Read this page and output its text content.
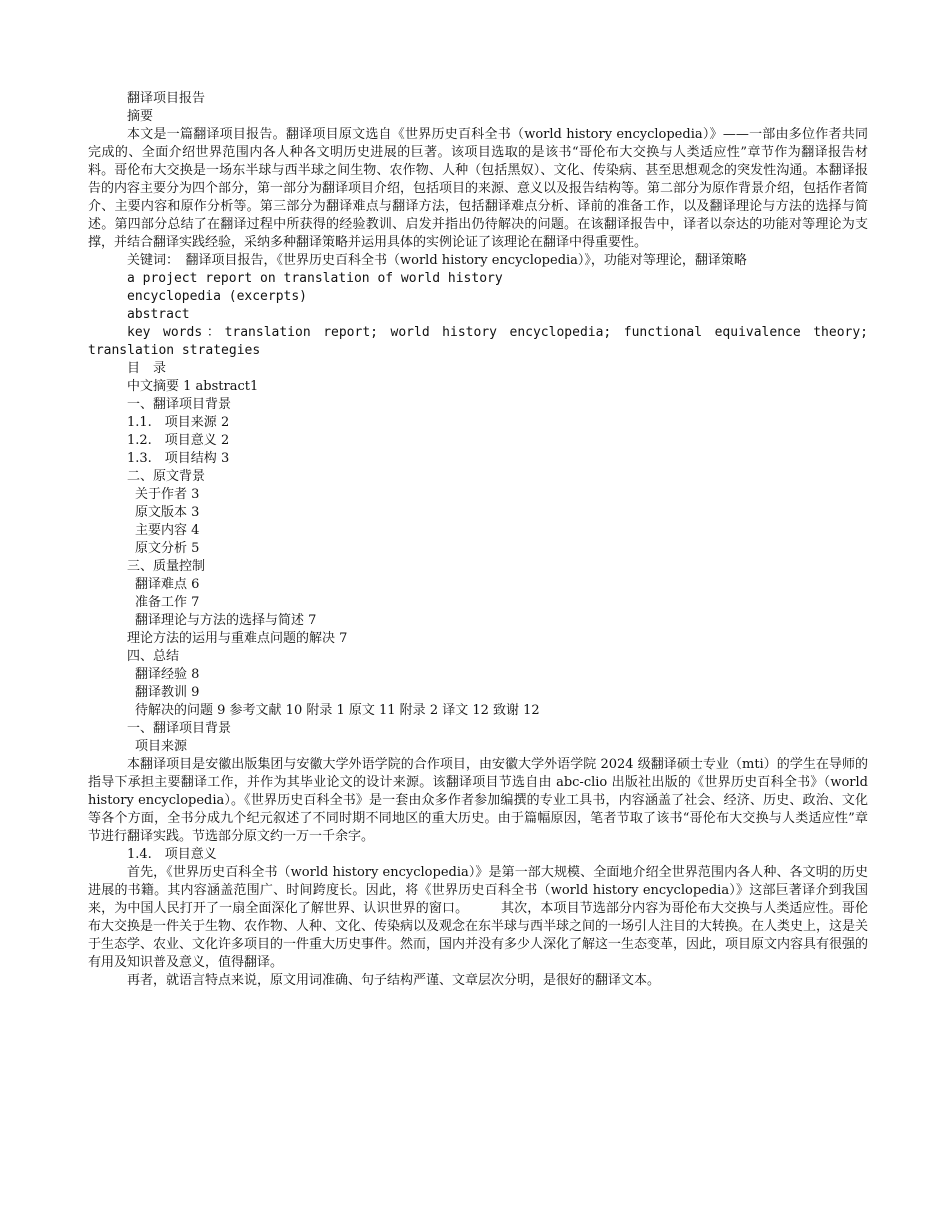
翻译项目报告

摘要

本文是一篇翻译项目报告。翻译项目原文选自《世界历史百科全书（world history encyclopedia）》——一部由多位作者共同完成的、全面介绍世界范围内各人种各文明历史进展的巨著。该项目选取的是该书“哥伦布大交换与人类适应性”章节作为翻译报告材料。哥伦布大交换是一场东半球与西半球之间生物、农作物、人种（包括黑奴）、文化、传染病、甚至思想观念的突发性沟通。本翻译报告的内容主要分为四个部分，第一部分为翻译项目介绍，包括项目的来源、意义以及报告结构等。第二部分为原作背景介绍，包括作者简介、主要内容和原作分析等。第三部分为翻译难点与翻译方法，包括翻译难点分析、译前的准备工作，以及翻译理论与方法的选择与简述。第四部分总结了在翻译过程中所获得的经验教训、启发并指出仍待解决的问题。在该翻译报告中，译者以奈达的功能对等理论为支撑，并结合翻译实践经验，采纳多种翻译策略并运用具体的实例论证了该理论在翻译中得重要性。

关键词：　翻译项目报告，《世界历史百科全书（world history encyclopedia）》，功能对等理论，翻译策略

a project report on translation of world history

encyclopedia (excerpts)

abstract

key words：translation report; world history encyclopedia; functional equivalence theory; translation strategies

目　录

中文摘要 1 abstract1

一、翻译项目背景

1.1.　项目来源 2

1.2.　项目意义 2

1.3.　项目结构 3

二、原文背景

关于作者 3

原文版本 3

主要内容 4

原文分析 5

三、质量控制

翻译难点 6

准备工作 7

翻译理论与方法的选择与简述 7

理论方法的运用与重难点问题的解决 7

四、总结

翻译经验 8

翻译教训 9

待解决的问题 9 参考文献 10 附录 1 原文 11 附录 2 译文 12 致谢 12

一、翻译项目背景

项目来源

本翻译项目是安徽出版集团与安徽大学外语学院的合作项目，由安徽大学外语学院 2024 级翻译硕士专业（mti）的学生在导师的指导下承担主要翻译工作，并作为其毕业论文的设计来源。该翻译项目节选自由 abc-clio 出版社出版的《世界历史百科全书》（world history encyclopedia）。《世界历史百科全书》是一套由众多作者参加编撰的专业工具书，内容涵盖了社会、经济、历史、政治、文化等各个方面，全书分成九个纪元叙述了不同时期不同地区的重大历史。由于篇幅原因，笔者节取了该书“哥伦布大交换与人类适应性”章节进行翻译实践。节选部分原文约一万一千余字。

1.4.　项目意义

首先，《世界历史百科全书（world history encyclopedia）》是第一部大规模、全面地介绍全世界范围内各人种、各文明的历史进展的书籍。其内容涵盖范围广、时间跨度长。因此，将《世界历史百科全书（world history encyclopedia）》这部巨著译介到我国来，为中国人民打开了一扇全面深化了解世界、认识世界的窗口。　　　其次，本项目节选部分内容为哥伦布大交换与人类适应性。哥伦布大交换是一件关于生物、农作物、人种、文化、传染病以及观念在东半球与西半球之间的一场引人注目的大转换。在人类史上，这是关于生态学、农业、文化许多项目的一件重大历史事件。然而，国内并没有多少人深化了解这一生态变革，因此，项目原文内容具有很强的有用及知识普及意义，值得翻译。

再者，就语言特点来说，原文用词准确、句子结构严谨、文章层次分明，是很好的翻译文本。
